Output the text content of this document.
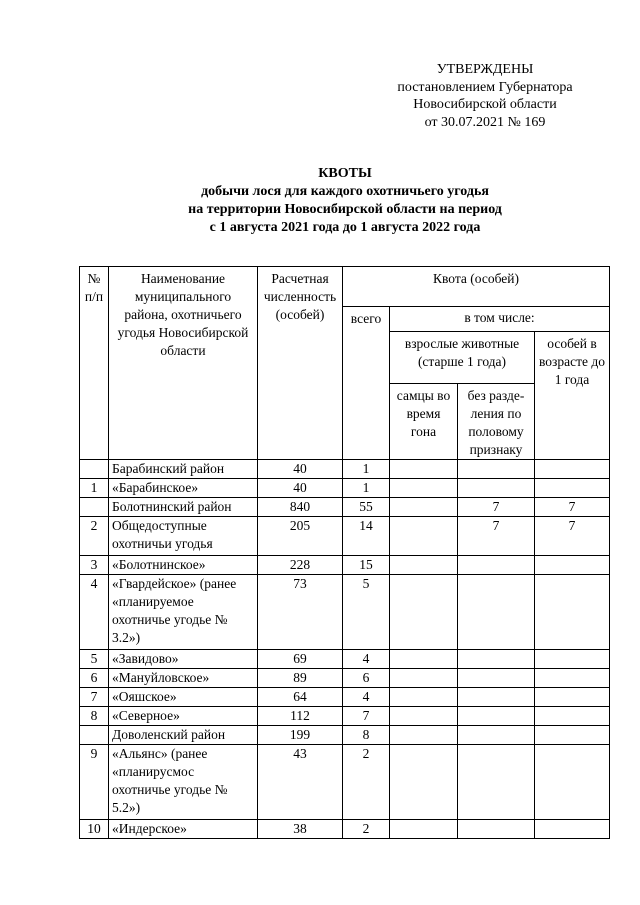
УТВЕРЖДЕНЫ
постановлением Губернатора
Новосибирской области
от 30.07.2021 № 169
КВОТЫ
добычи лося для каждого охотничьего угодья
на территории Новосибирской области на период
с 1 августа 2021 года до 1 августа 2022 года
№ п/п	Наименование муниципального района, охотничьего угодья Новосибирской области	Расчетная численность (особей)	Квота (особей)			
			всего	в том числе:		
				взрослые животные (старше 1 года)		особей в возрасте до 1 года
				самцы во время гона	без разде-ления по половому признаку	
	Барабинский район	40	1			
1	«Барабинское»	40	1			
	Болотнинский район	840	55		7	7
2	Общедоступные охотничьи угодья	205	14		7	7
3	«Болотнинское»	228	15			
4	«Гвардейское» (ранее «планируемое охотничье угодье № 3.2»)	73	5			
5	«Завидово»	69	4			
6	«Мануйловское»	89	6			
7	«Ояшское»	64	4			
8	«Северное»	112	7			
	Доволенский район	199	8			
9	«Альянс» (ранее «планирусмос охотничье угодье № 5.2»)	43	2			
10	«Индерское»	38	2			
